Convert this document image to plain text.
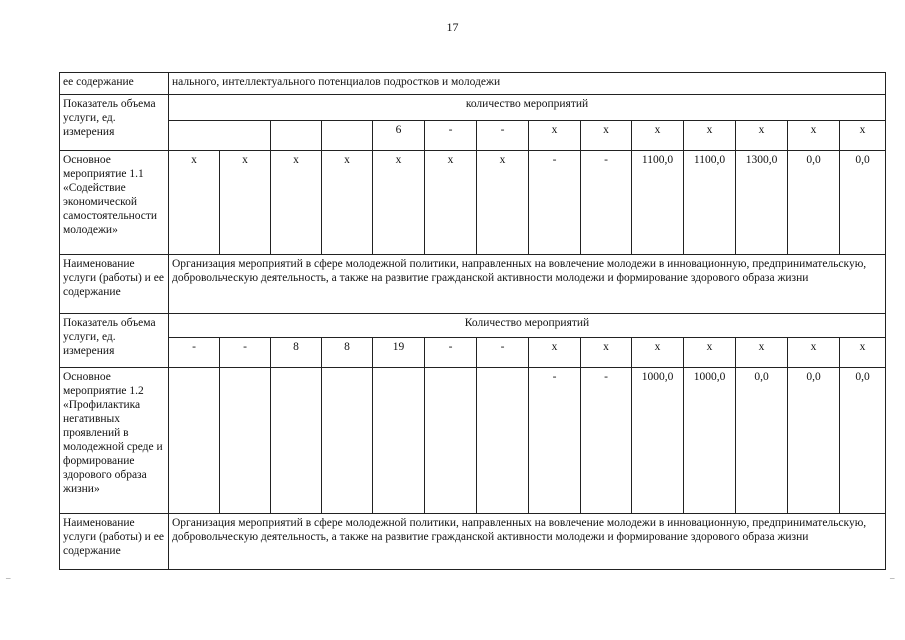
17
ее содержание	нального, интеллектуального потенциалов подростков и молодежи													
Показатель объема услуги, ед. измерения	количество мероприятий													
					6	-	-	x	x	x	x	x	x	x
Основное мероприятие 1.1 «Содействие экономической самостоятельности молодежи»	x	x	x	x	x	x	x	-	-	1100,0	1100,0	1300,0	0,0	0,0
Наименование услуги (работы) и ее содержание	Организация мероприятий в сфере молодежной политики, направленных на вовлечение молодежи в инновационную, предпринимательскую, добровольческую деятельность, а также на развитие гражданской активности молодежи и формирование здорового образа жизни													
Показатель объема услуги, ед. измерения	Количество мероприятий													
	-	-	8	8	19	-	-	x	x	x	x	x	x	x
Основное мероприятие 1.2 «Профилактика негативных проявлений в молодежной среде и формирование здорового образа жизни»								-	-	1000,0	1000,0	0,0	0,0	0,0
Наименование услуги (работы) и ее содержание	Организация мероприятий в сфере молодежной политики, направленных на вовлечение молодежи в инновационную, предпринимательскую, добровольческую деятельность, а также на развитие гражданской активности молодежи и формирование здорового образа жизни													
–	–
